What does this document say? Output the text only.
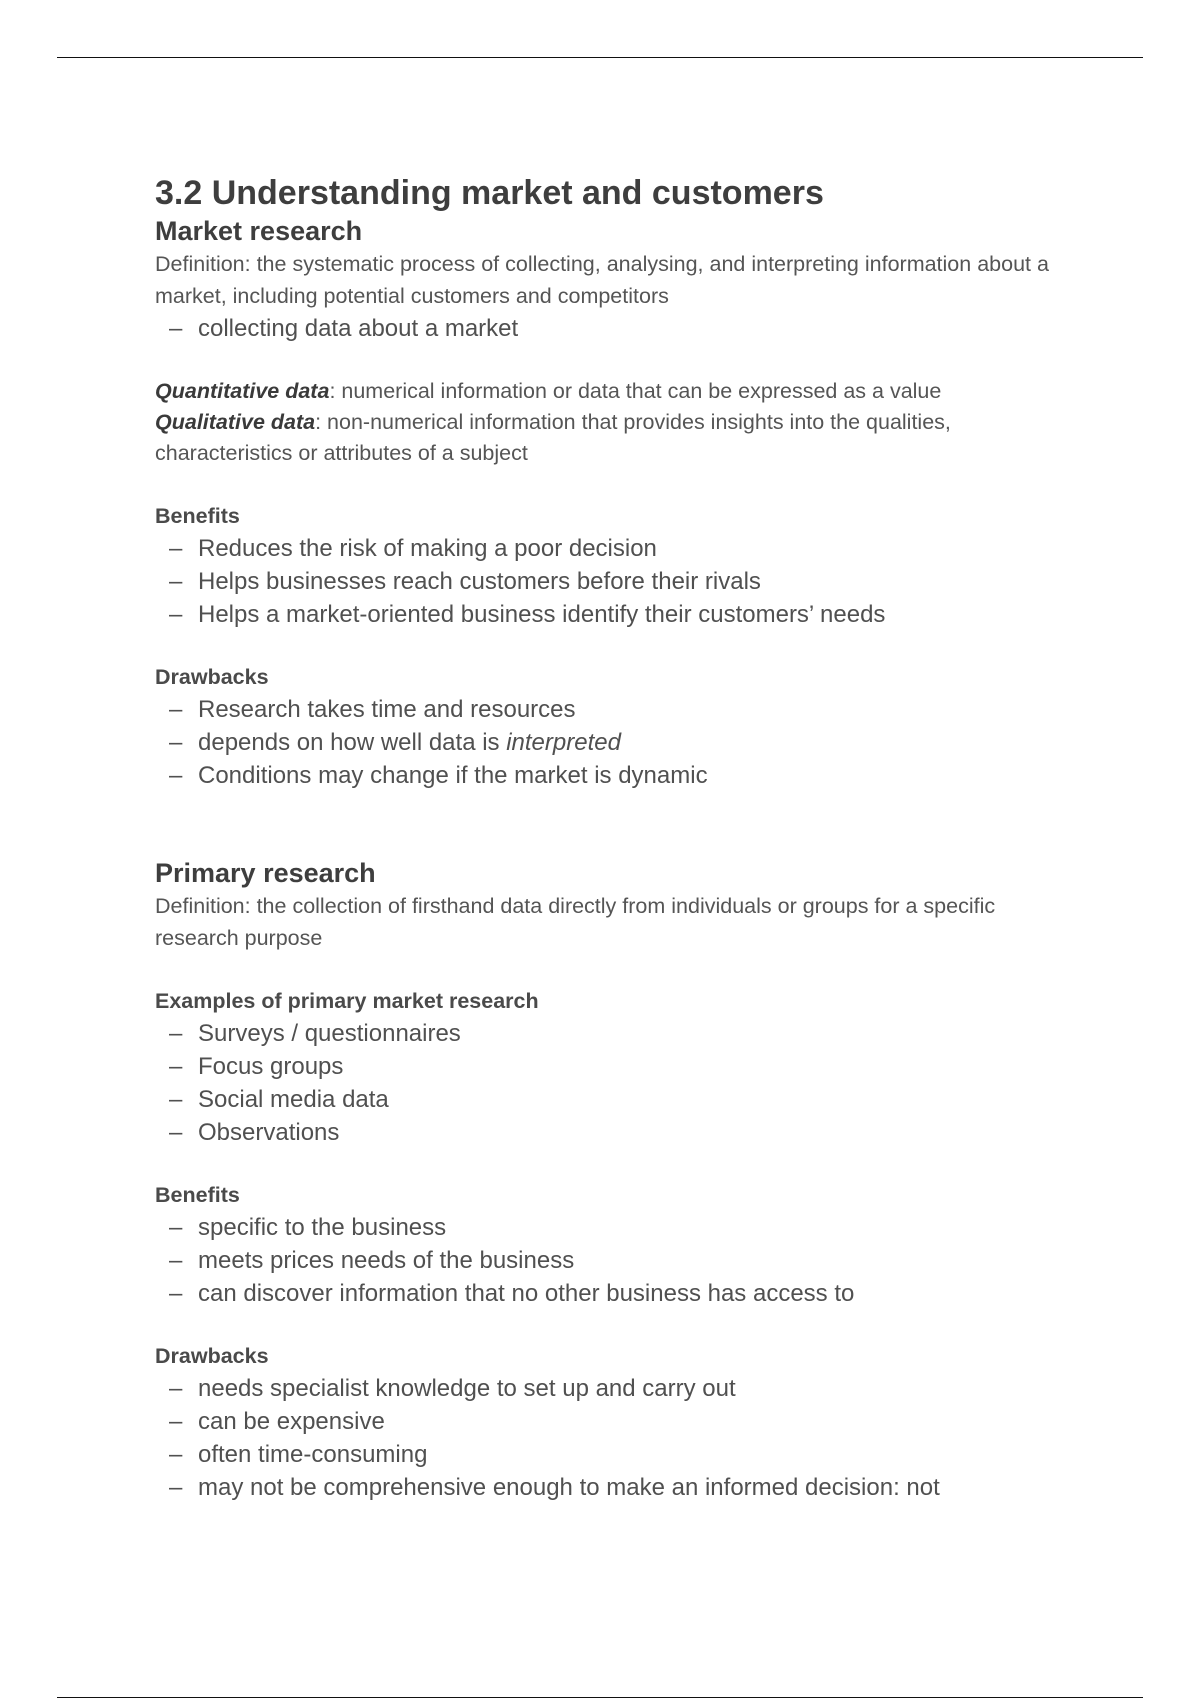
3.2 Understanding market and customers
Market research

Definition: the systematic process of collecting, analysing, and interpreting information about a market, including potential customers and competitors

– collecting data about a market

Quantitative data: numerical information or data that can be expressed as a value

Qualitative data: non-numerical information that provides insights into the qualities, characteristics or attributes of a subject

Benefits

– Reduces the risk of making a poor decision
– Helps businesses reach customers before their rivals
– Helps a market-oriented business identify their customers’ needs

Drawbacks

– Research takes time and resources
– depends on how well data is interpreted
– Conditions may change if the market is dynamic
Primary research

Definition: the collection of firsthand data directly from individuals or groups for a specific research purpose

Examples of primary market research

– Surveys / questionnaires
– Focus groups
– Social media data
– Observations

Benefits

– specific to the business
– meets prices needs of the business
– can discover information that no other business has access to

Drawbacks

– needs specialist knowledge to set up and carry out
– can be expensive
– often time-consuming
– may not be comprehensive enough to make an informed decision: not
